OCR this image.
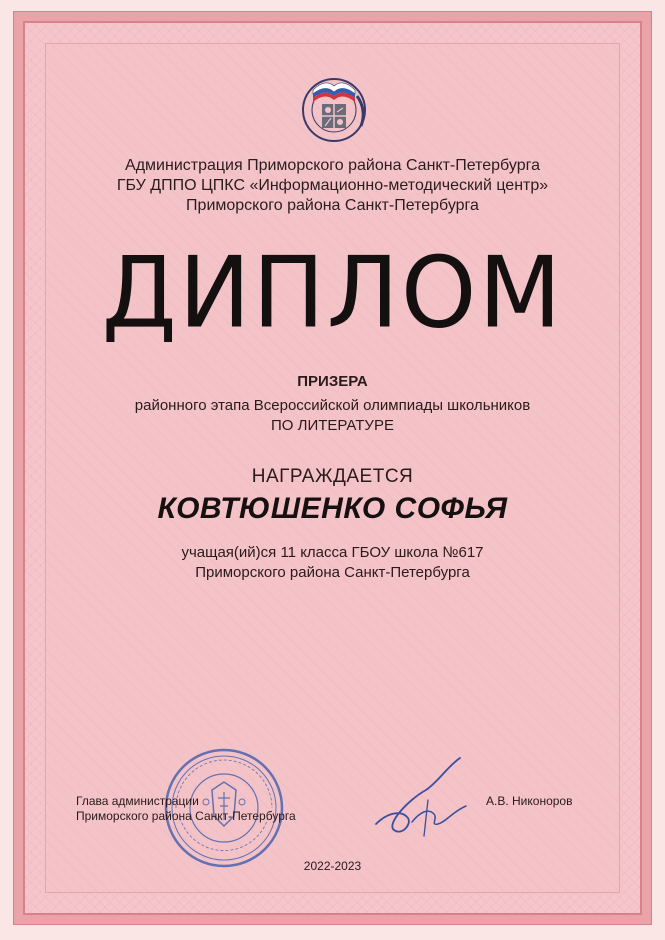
Администрация Приморского района Санкт-Петербурга
ГБУ ДППО ЦПКС «Информационно-методический центр»
Приморского района Санкт-Петербурга
ДИПЛОМ
ПРИЗЕРА
районного этапа Всероссийской олимпиады школьников
ПО ЛИТЕРАТУРЕ
НАГРАЖДАЕТСЯ
КОВТЮШЕНКО СОФЬЯ
учащая(ий)ся 11 класса ГБОУ школа №617
Приморского района Санкт-Петербурга
Глава администрации
Приморского района Санкт-Петербурга
А.В. Никоноров
2022-2023
